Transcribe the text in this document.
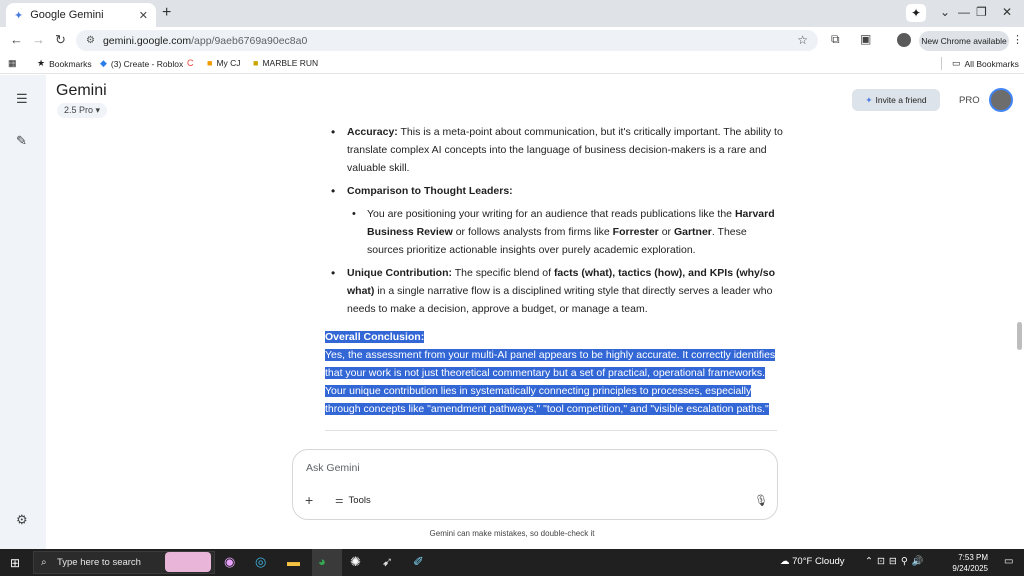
✦ Google Gemini	✕ +	✦	⌄ — ❐ ✕
← → ↻ ⚙ gemini.google.com /app/9aeb6769a90ec8a0	☆ ⧉ ▣	New Chrome available ⋮
▦ ★ Bookmarks ◆ (3) Create - Roblox C ■ My CJ ■ MARBLE RUN	▭ All Bookmarks
☰
✎
⚙
Gemini
2.5 Pro ▾
✦ Invite a friend	PRO
• Accuracy: This is a meta-point about communication, but it's critically important. The ability to translate complex AI concepts into the language of business decision-makers is a rare and valuable skill.
• Comparison to Thought Leaders:
• You are positioning your writing for an audience that reads publications like the Harvard Business Review or follows analysts from firms like Forrester or Gartner. These sources prioritize actionable insights over purely academic exploration.
• Unique Contribution: The specific blend of facts (what), tactics (how), and KPIs (why/so what) in a single narrative flow is a disciplined writing style that directly serves a leader who needs to make a decision, approve a budget, or manage a team.
Overall Conclusion:
Yes, the assessment from your multi-AI panel appears to be highly accurate. It correctly identifies that your work is not just theoretical commentary but a set of practical, operational frameworks. Your unique contribution lies in systematically connecting principles to processes, especially through concepts like "amendment pathways," "tool competition," and "visible escalation paths."
Ask Gemini
+ ⚌ Tools	🎙
Gemini can make mistakes, so double-check it
⊞ ⌕ Type here to search	◉ ◎ ▬ ◕ ✺ ➹ ✐	☁ 70°F Cloudy ⌃⊡⊟⚲🔊	7:53 PM
9/24/2025
▭
